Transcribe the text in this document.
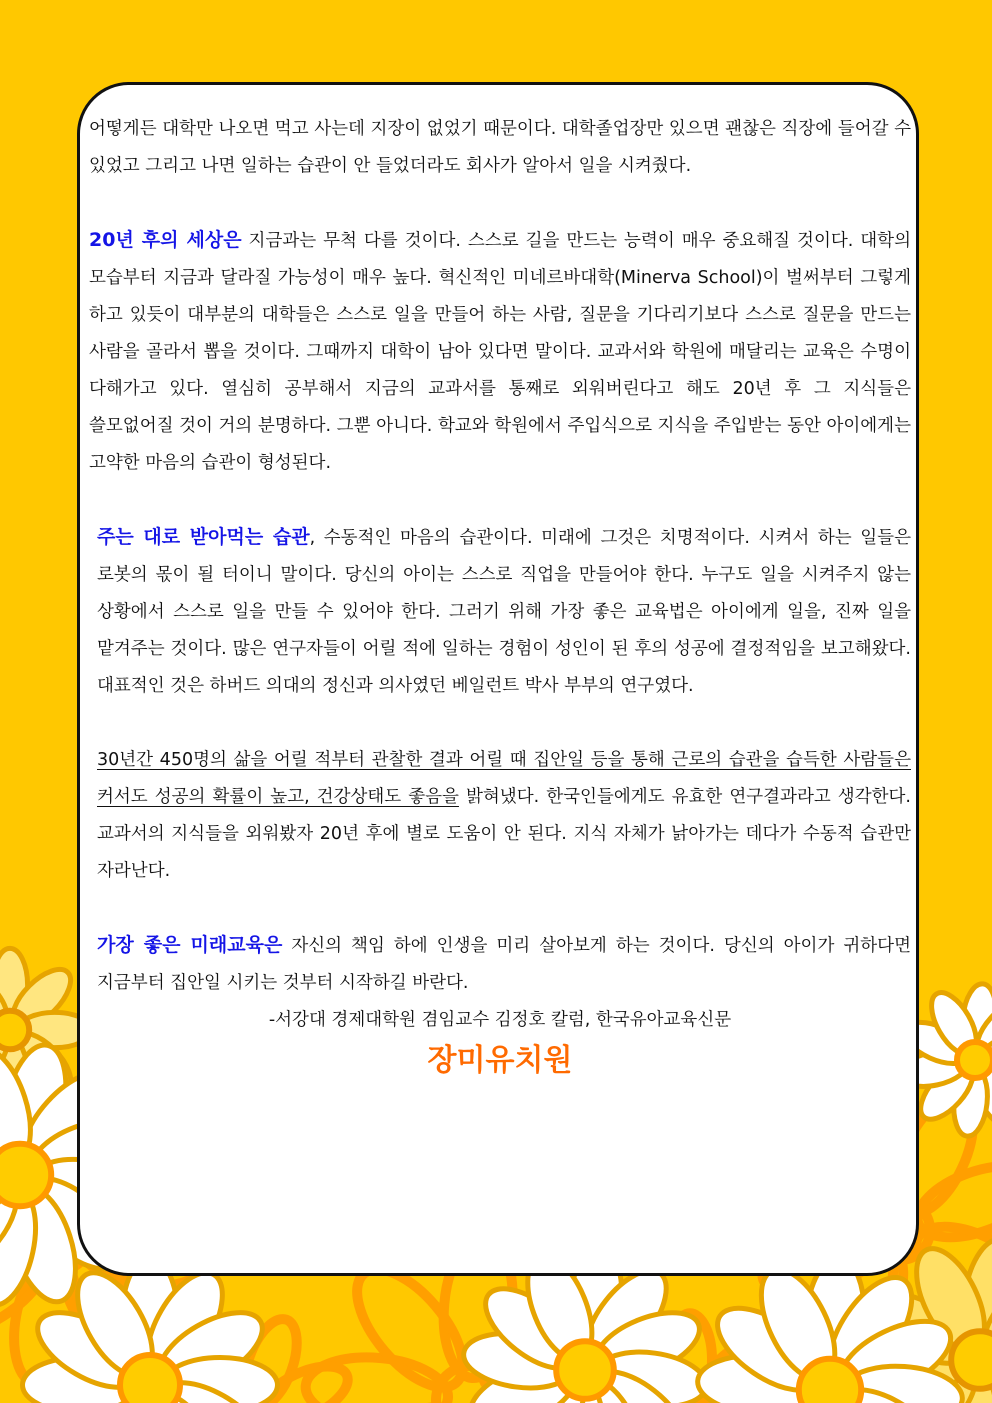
어떻게든 대학만 나오면 먹고 사는데 지장이 없었기 때문이다. 대학졸업장만 있으면 괜찮은 직장에 들어갈 수 있었고 그리고 나면 일하는 습관이 안 들었더라도 회사가 알아서 일을 시켜줬다.

20년 후의 세상은 지금과는 무척 다를 것이다. 스스로 길을 만드는 능력이 매우 중요해질 것이다. 대학의 모습부터 지금과 달라질 가능성이 매우 높다. 혁신적인 미네르바대학(Minerva School)이 벌써부터 그렇게 하고 있듯이 대부분의 대학들은 스스로 일을 만들어 하는 사람, 질문을 기다리기보다 스스로 질문을 만드는 사람을 골라서 뽑을 것이다. 그때까지 대학이 남아 있다면 말이다. 교과서와 학원에 매달리는 교육은 수명이 다해가고 있다. 열심히 공부해서 지금의 교과서를 통째로 외워버린다고 해도 20년 후 그 지식들은 쓸모없어질 것이 거의 분명하다. 그뿐 아니다. 학교와 학원에서 주입식으로 지식을 주입받는 동안 아이에게는 고약한 마음의 습관이 형성된다.

주는 대로 받아먹는 습관, 수동적인 마음의 습관이다. 미래에 그것은 치명적이다. 시켜서 하는 일들은 로봇의 몫이 될 터이니 말이다. 당신의 아이는 스스로 직업을 만들어야 한다. 누구도 일을 시켜주지 않는 상황에서 스스로 일을 만들 수 있어야 한다. 그러기 위해 가장 좋은 교육법은 아이에게 일을, 진짜 일을 맡겨주는 것이다. 많은 연구자들이 어릴 적에 일하는 경험이 성인이 된 후의 성공에 결정적임을 보고해왔다. 대표적인 것은 하버드 의대의 정신과 의사였던 베일런트 박사 부부의 연구였다.

30년간 450명의 삶을 어릴 적부터 관찰한 결과 어릴 때 집안일 등을 통해 근로의 습관을 습득한 사람들은 커서도 성공의 확률이 높고, 건강상태도 좋음을 밝혀냈다. 한국인들에게도 유효한 연구결과라고 생각한다. 교과서의 지식들을 외워봤자 20년 후에 별로 도움이 안 된다. 지식 자체가 낡아가는 데다가 수동적 습관만 자라난다.

가장 좋은 미래교육은 자신의 책임 하에 인생을 미리 살아보게 하는 것이다. 당신의 아이가 귀하다면 지금부터 집안일 시키는 것부터 시작하길 바란다.

-서강대 경제대학원 겸임교수 김정호 칼럼, 한국유아교육신문

장미유치원
